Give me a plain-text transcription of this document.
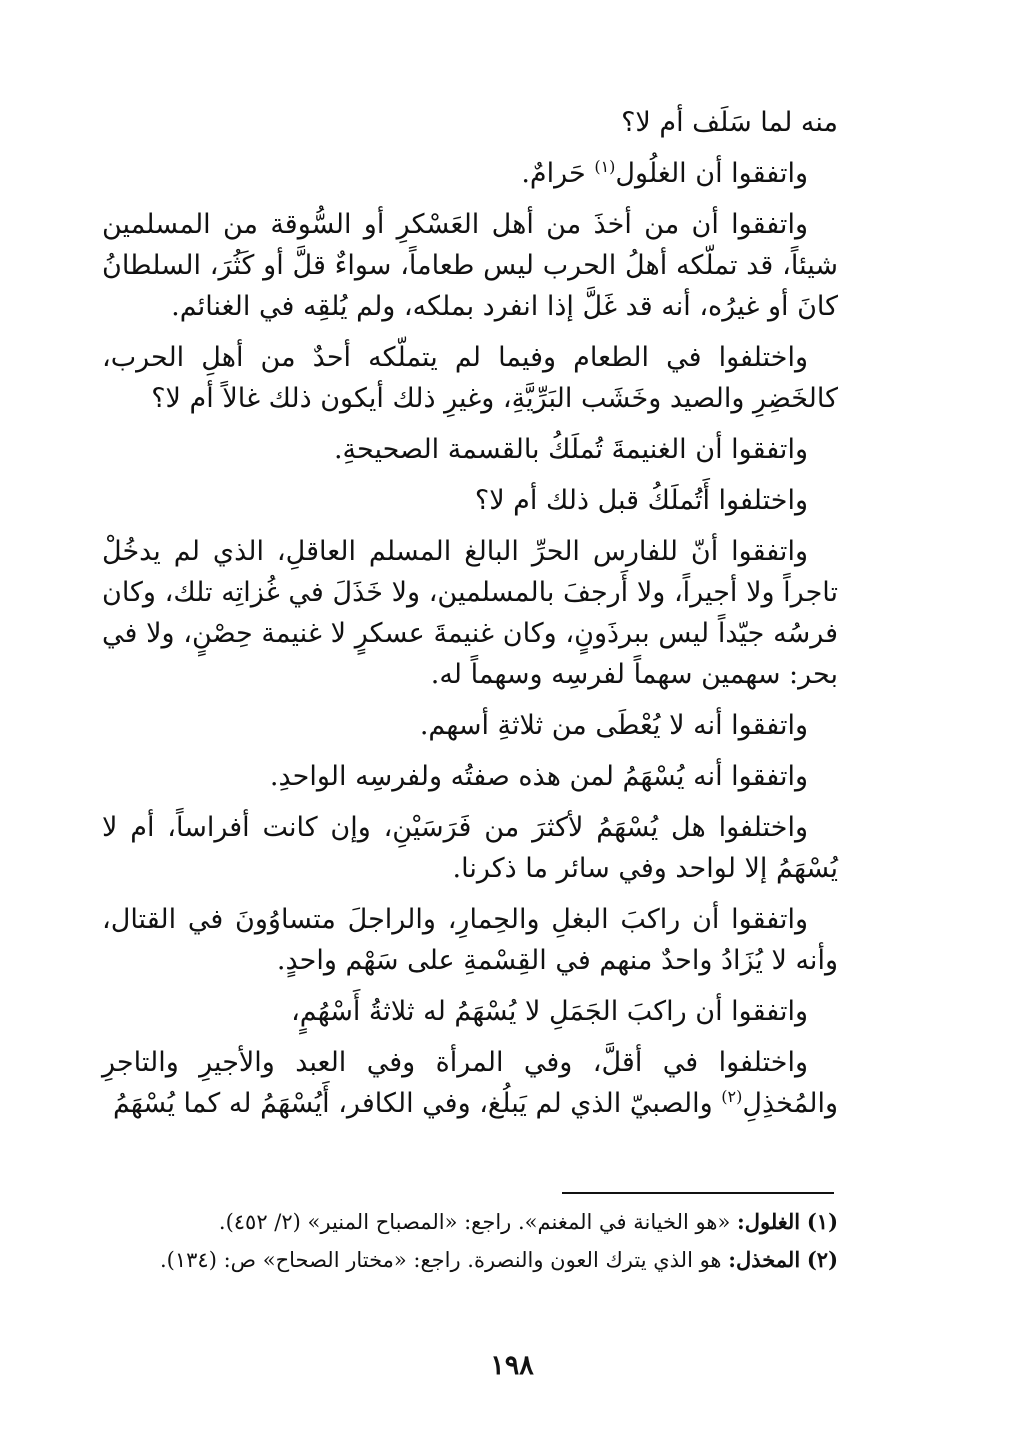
منه لما سَلَف أم لا؟

واتفقوا أن الغلُول$^{(١)}$ حَرامٌ.

واتفقوا أن من أخذَ من أهل العَسْكرِ أو السُّوقة من المسلمين شيئاً، قد تملّكه أهلُ الحرب ليس طعاماً، سواءٌ قلَّ أو كَثُرَ، السلطانُ كانَ أو غيرُه، أنه قد غَلَّ إذا انفرد بملكه، ولم يُلقِه في الغنائم.

واختلفوا في الطعام وفيما لم يتملّكه أحدٌ من أهلِ الحرب، كالخَضِرِ والصيد وخَشَب البَرِّيَّةِ، وغيرِ ذلك أيكون ذلك غالاً أم لا؟

واتفقوا أن الغنيمةَ تُملَكُ بالقسمة الصحيحةِ.

واختلفوا أَتُملَكُ قبل ذلك أم لا؟

واتفقوا أنّ للفارس الحرِّ البالغ المسلم العاقلِ، الذي لم يدخُلْ تاجراً ولا أجيراً، ولا أَرجفَ بالمسلمين، ولا خَذَلَ في غُزاتِه تلك، وكان فرسُه جيّداً ليس ببرذَونٍ، وكان غنيمةَ عسكرٍ لا غنيمة حِصْنٍ، ولا في بحر: سهمين سهماً لفرسِه وسهماً له.

واتفقوا أنه لا يُعْطَى من ثلاثةِ أسهم.

واتفقوا أنه يُسْهَمُ لمن هذه صفتُه ولفرسِه الواحدِ.

واختلفوا هل يُسْهَمُ لأكثرَ من فَرَسَيْنِ، وإن كانت أفراساً، أم لا يُسْهَمُ إلا لواحد وفي سائر ما ذكرنا.

واتفقوا أن راكبَ البغلِ والحِمارِ، والراجلَ متساوُونَ في القتال، وأنه لا يُزَادُ واحدٌ منهم في القِسْمةِ على سَهْم واحدٍ.

واتفقوا أن راكبَ الجَمَلِ لا يُسْهَمُ له ثلاثةُ أَسْهُمٍ،

واختلفوا في أقلَّ، وفي المرأة وفي العبد والأجيرِ والتاجرِ والمُخذِلِ$^{(٢)}$ والصبيّ الذي لم يَبلُغ، وفي الكافر، أَيُسْهَمُ له كما يُسْهَمُ

(١) الغلول: «هو الخيانة في المغنم». راجع: «المصباح المنير» (٢/ ٤٥٢).

(٢) المخذل: هو الذي يترك العون والنصرة. راجع: «مختار الصحاح» ص: (١٣٤).

١٩٨
